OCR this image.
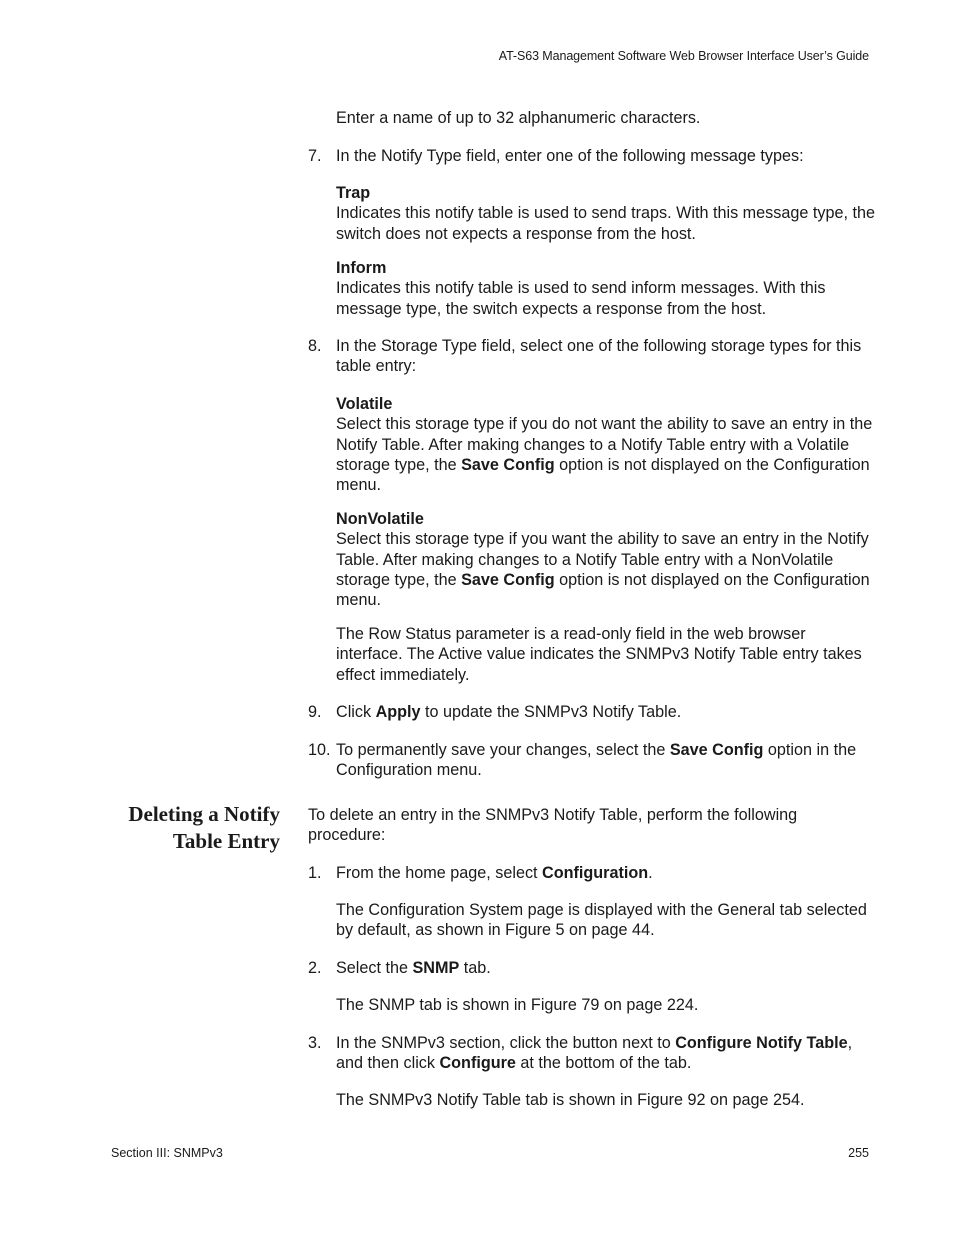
AT-S63 Management Software Web Browser Interface User’s Guide

Enter a name of up to 32 alphanumeric characters.

7. In the Notify Type field, enter one of the following message types:

Trap
Indicates this notify table is used to send traps. With this message type, the switch does not expects a response from the host.

Inform
Indicates this notify table is used to send inform messages. With this message type, the switch expects a response from the host.

8. In the Storage Type field, select one of the following storage types for this table entry:

Volatile
Select this storage type if you do not want the ability to save an entry in the Notify Table. After making changes to a Notify Table entry with a Volatile storage type, the Save Config option is not displayed on the Configuration menu.

NonVolatile
Select this storage type if you want the ability to save an entry in the Notify Table. After making changes to a Notify Table entry with a NonVolatile storage type, the Save Config option is not displayed on the Configuration menu.

The Row Status parameter is a read-only field in the web browser interface. The Active value indicates the SNMPv3 Notify Table entry takes effect immediately.

9. Click Apply to update the SNMPv3 Notify Table.

10. To permanently save your changes, select the Save Config option in the Configuration menu.

Deleting a Notify
Table Entry

To delete an entry in the SNMPv3 Notify Table, perform the following procedure:

1. From the home page, select Configuration.

The Configuration System page is displayed with the General tab selected by default, as shown in Figure 5 on page 44.

2. Select the SNMP tab.

The SNMP tab is shown in Figure 79 on page 224.

3. In the SNMPv3 section, click the button next to Configure Notify Table, and then click Configure at the bottom of the tab.

The SNMPv3 Notify Table tab is shown in Figure 92 on page 254.

Section III: SNMPv3	255
